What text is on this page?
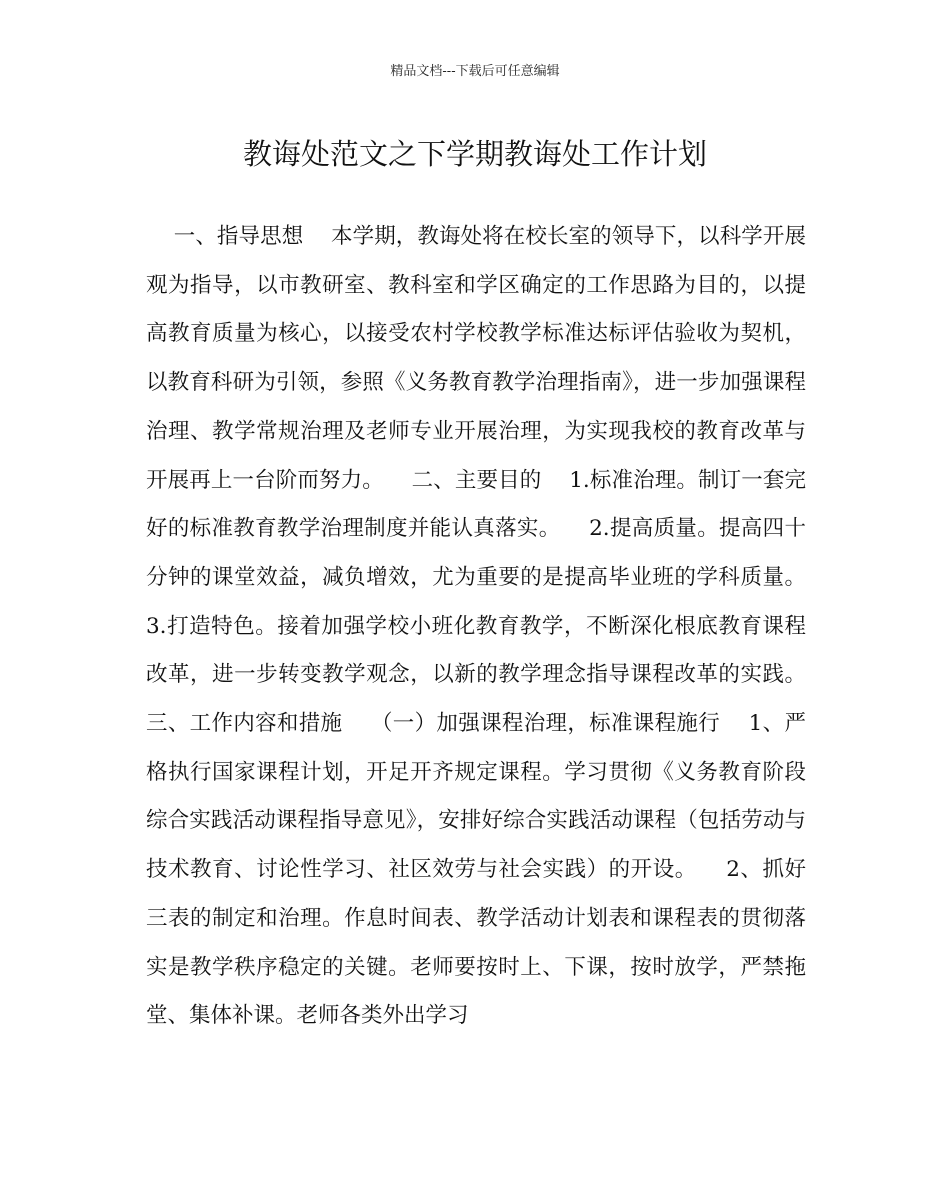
精品文档---下载后可任意编辑
教诲处范文之下学期教诲处工作计划

一、指导思想    本学期，教诲处将在校长室的领导下，以科学开展观为指导，以市教研室、教科室和学区确定的工作思路为目的，以提高教育质量为核心，以接受农村学校教学标准达标评估验收为契机，以教育科研为引领，参照《义务教育教学治理指南》，进一步加强课程治理、教学常规治理及老师专业开展治理，为实现我校的教育改革与开展再上一台阶而努力。    二、主要目的    1.标准治理。制订一套完好的标准教育教学治理制度并能认真落实。    2.提高质量。提高四十分钟的课堂效益，减负增效，尤为重要的是提高毕业班的学科质量。    3.打造特色。接着加强学校小班化教育教学，不断深化根底教育课程改革，进一步转变教学观念，以新的教学理念指导课程改革的实践。    三、工作内容和措施    （一）加强课程治理，标准课程施行    1、严格执行国家课程计划，开足开齐规定课程。学习贯彻《义务教育阶段综合实践活动课程指导意见》，安排好综合实践活动课程（包括劳动与技术教育、讨论性学习、社区效劳与社会实践）的开设。    2、抓好三表的制定和治理。作息时间表、教学活动计划表和课程表的贯彻落实是教学秩序稳定的关键。老师要按时上、下课，按时放学，严禁拖堂、集体补课。老师各类外出学习
